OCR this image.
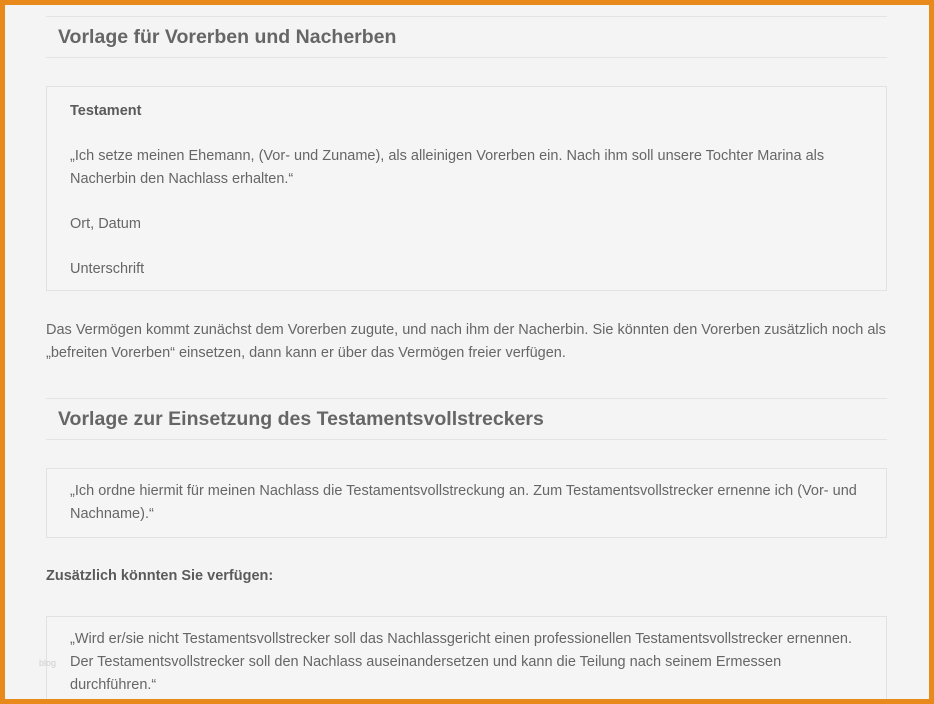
Vorlage für Vorerben und Nacherben

Testament

„Ich setze meinen Ehemann, (Vor- und Zuname), als alleinigen Vorerben ein. Nach ihm soll unsere Tochter Marina als Nacherbin den Nachlass erhalten.“

Ort, Datum

Unterschrift

Das Vermögen kommt zunächst dem Vorerben zugute, und nach ihm der Nacherbin. Sie könnten den Vorerben zusätzlich noch als „befreiten Vorerben“ einsetzen, dann kann er über das Vermögen freier verfügen.

Vorlage zur Einsetzung des Testamentsvollstreckers

„Ich ordne hiermit für meinen Nachlass die Testamentsvollstreckung an. Zum Testamentsvollstrecker ernenne ich (Vor- und Nachname).“

Zusätzlich könnten Sie verfügen:

„Wird er/sie nicht Testamentsvollstrecker soll das Nachlassgericht einen professionellen Testamentsvollstrecker ernennen. Der Testamentsvollstrecker soll den Nachlass auseinandersetzen und kann die Teilung nach seinem Ermessen durchführen.“

blog
